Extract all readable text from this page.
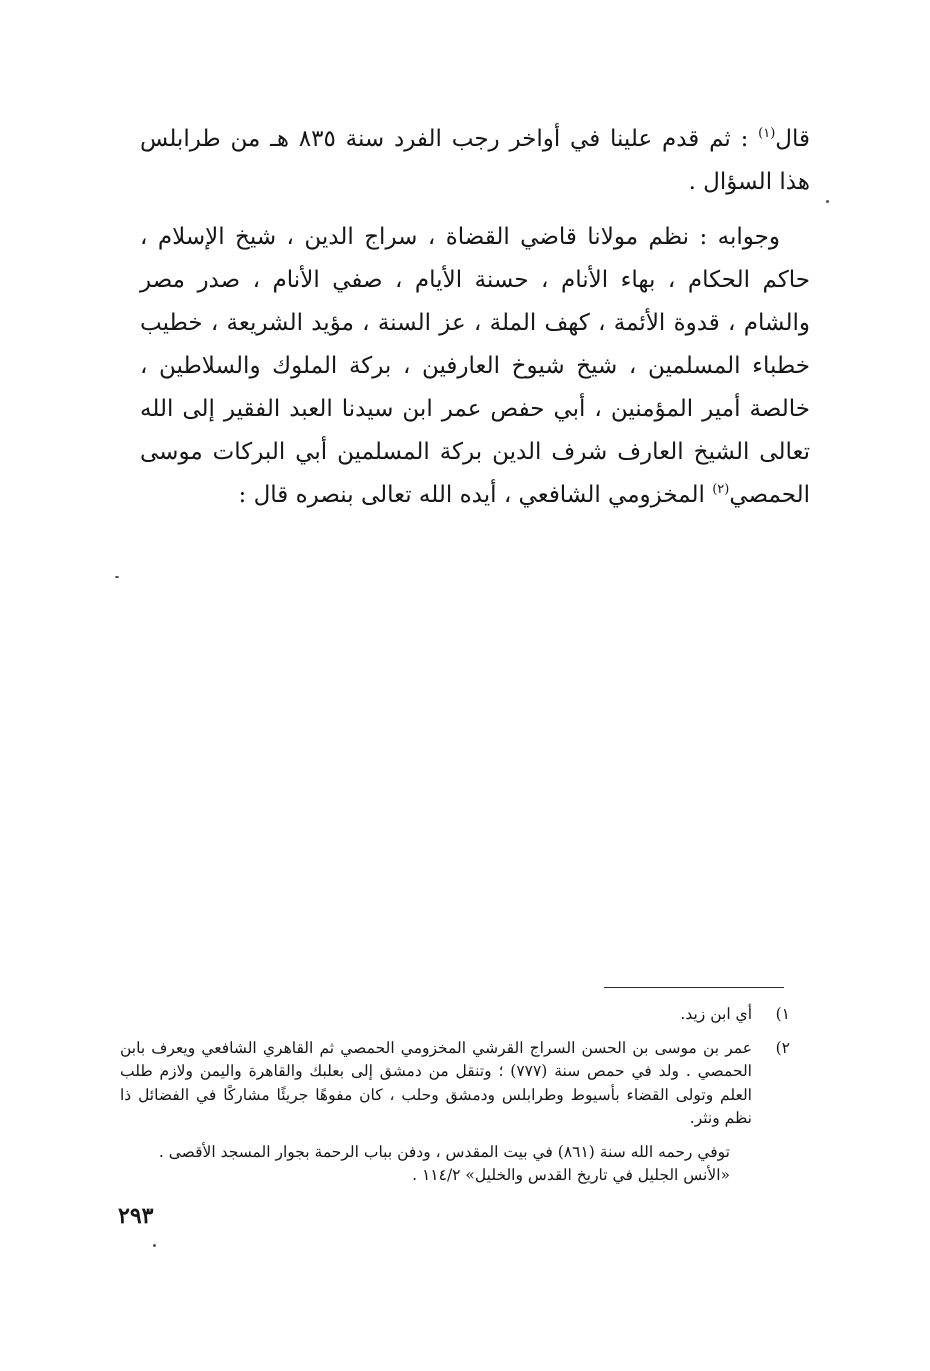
قال$^{(١)}$ : ثم قدم علينا في أواخر رجب الفرد سنة ٨٣٥ هـ من طرابلس هذا السؤال .

وجوابه : نظم مولانا قاضي القضاة ، سراج الدين ، شيخ الإسلام ، حاكم الحكام ، بهاء الأنام ، حسنة الأيام ، صفي الأنام ، صدر مصر والشام ، قدوة الأئمة ، كهف الملة ، عز السنة ، مؤيد الشريعة ، خطيب خطباء المسلمين ، شيخ شيوخ العارفين ، بركة الملوك والسلاطين ، خالصة أمير المؤمنين ، أبي حفص عمر ابن سيدنا العبد الفقير إلى الله تعالى الشيخ العارف شرف الدين بركة المسلمين أبي البركات موسى الحمصي$^{(٢)}$ المخزومي الشافعي ، أيده الله تعالى بنصره قال :

١)
أي ابن زيد.

٢)
عمر بن موسى بن الحسن السراج القرشي المخزومي الحمصي ثم القاهري الشافعي ويعرف بابن الحمصي . ولد في حمص سنة (٧٧٧) ؛ وتنقل من دمشق إلى بعلبك والقاهرة واليمن ولازم طلب العلم وتولى القضاء بأسيوط وطرابلس ودمشق وحلب ، كان مفوهًا جريئًا مشاركًا في الفضائل ذا نظم ونثر.

توفي رحمه الله سنة (٨٦١) في بيت المقدس ، ودفن بباب الرحمة بجوار المسجد الأقصى .

«الأنس الجليل في تاريخ القدس والخليل» ١١٤/٢ .

٢٩٣
